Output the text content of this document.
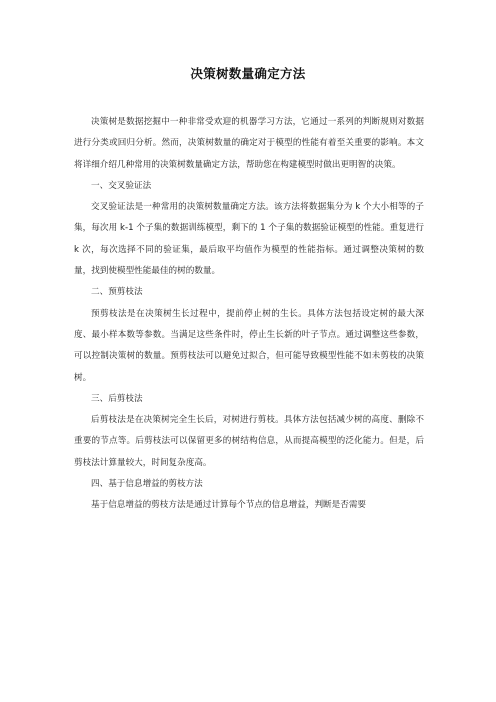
决策树数量确定方法

决策树是数据挖掘中一种非常受欢迎的机器学习方法，它通过一系列的判断规则对数据进行分类或回归分析。然而，决策树数量的确定对于模型的性能有着至关重要的影响。本文将详细介绍几种常用的决策树数量确定方法，帮助您在构建模型时做出更明智的决策。

一、交叉验证法

交叉验证法是一种常用的决策树数量确定方法。该方法将数据集分为 k 个大小相等的子集，每次用 k-1 个子集的数据训练模型，剩下的 1 个子集的数据验证模型的性能。重复进行 k 次，每次选择不同的验证集，最后取平均值作为模型的性能指标。通过调整决策树的数量，找到使模型性能最佳的树的数量。

二、预剪枝法

预剪枝法是在决策树生长过程中，提前停止树的生长。具体方法包括设定树的最大深度、最小样本数等参数。当满足这些条件时，停止生长新的叶子节点。通过调整这些参数，可以控制决策树的数量。预剪枝法可以避免过拟合，但可能导致模型性能不如未剪枝的决策树。

三、后剪枝法

后剪枝法是在决策树完全生长后，对树进行剪枝。具体方法包括减少树的高度、删除不重要的节点等。后剪枝法可以保留更多的树结构信息，从而提高模型的泛化能力。但是，后剪枝法计算量较大，时间复杂度高。

四、基于信息增益的剪枝方法

基于信息增益的剪枝方法是通过计算每个节点的信息增益，判断是否需要
